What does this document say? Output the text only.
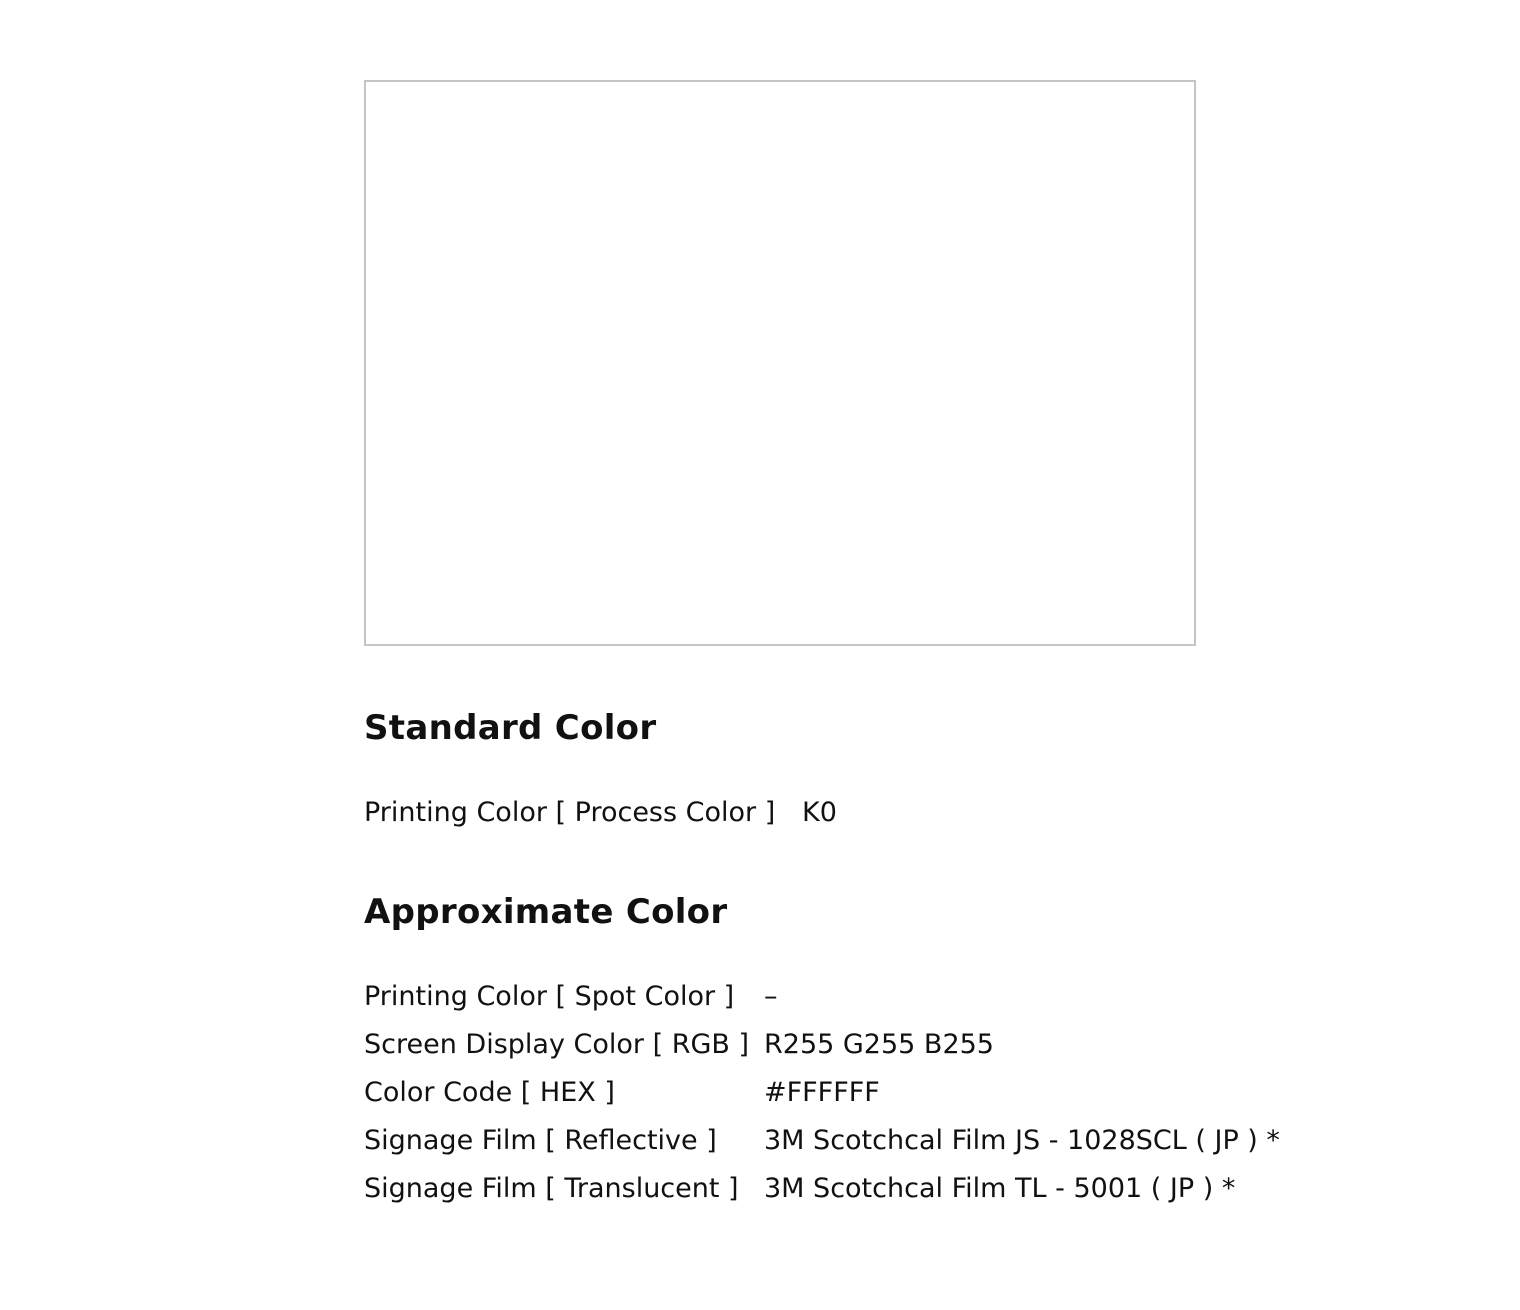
Standard Color
Printing Color [ Process Color ] K0
Approximate Color
Printing Color [ Spot Color ]	–
Screen Display Color [ RGB ] R255 G255 B255
Color Code [ HEX ]	#FFFFFF
Signage Film [ Reflective ]	3M Scotchcal Film JS - 1028SCL ( JP ) *
Signage Film [ Translucent ] 3M Scotchcal Film TL - 5001 ( JP ) *
